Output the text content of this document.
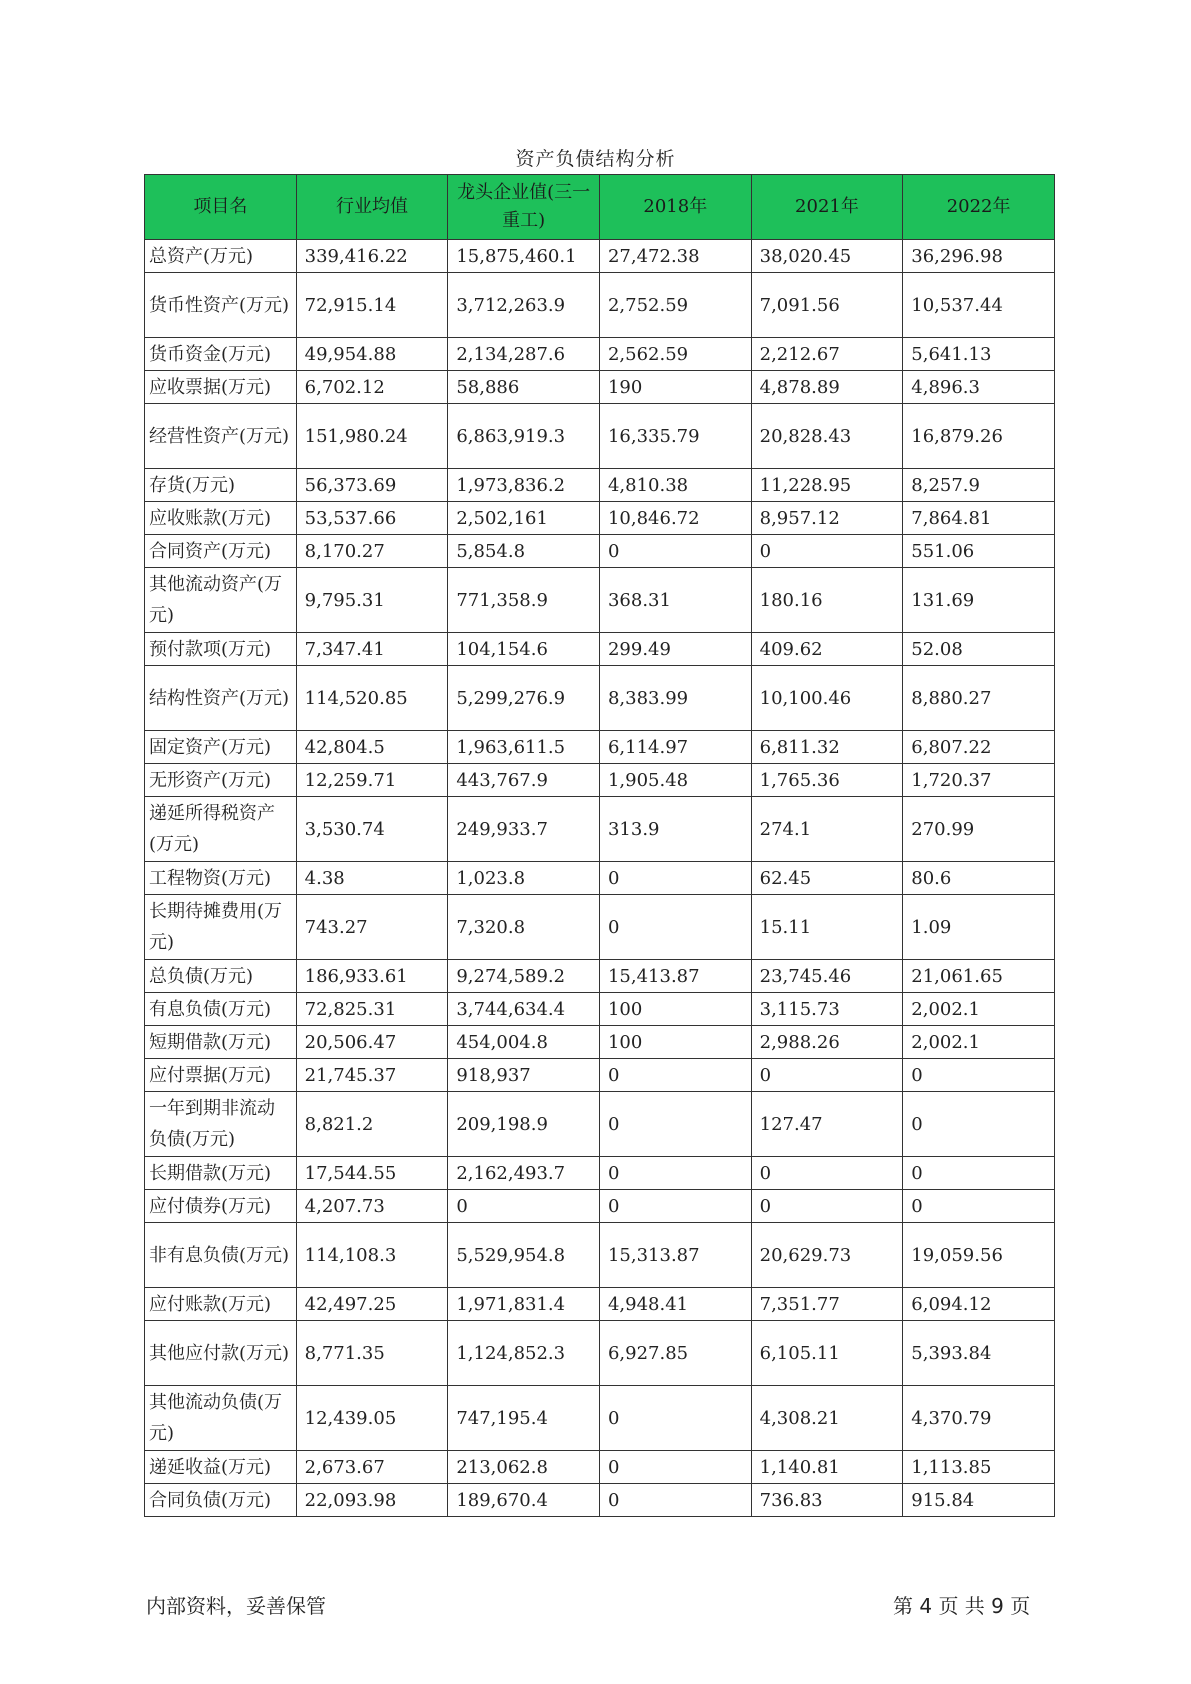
资产负债结构分析
项目名	行业均值	龙头企业值(三一重工)	2018年	2021年	2022年
总资产(万元)	339,416.22	15,875,460.1	27,472.38	38,020.45	36,296.98
货币性资产(万元)	72,915.14	3,712,263.9	2,752.59	7,091.56	10,537.44
货币资金(万元)	49,954.88	2,134,287.6	2,562.59	2,212.67	5,641.13
应收票据(万元)	6,702.12	58,886	190	4,878.89	4,896.3
经营性资产(万元)	151,980.24	6,863,919.3	16,335.79	20,828.43	16,879.26
存货(万元)	56,373.69	1,973,836.2	4,810.38	11,228.95	8,257.9
应收账款(万元)	53,537.66	2,502,161	10,846.72	8,957.12	7,864.81
合同资产(万元)	8,170.27	5,854.8	0	0	551.06
其他流动资产(万元)	9,795.31	771,358.9	368.31	180.16	131.69
预付款项(万元)	7,347.41	104,154.6	299.49	409.62	52.08
结构性资产(万元)	114,520.85	5,299,276.9	8,383.99	10,100.46	8,880.27
固定资产(万元)	42,804.5	1,963,611.5	6,114.97	6,811.32	6,807.22
无形资产(万元)	12,259.71	443,767.9	1,905.48	1,765.36	1,720.37
递延所得税资产(万元)	3,530.74	249,933.7	313.9	274.1	270.99
工程物资(万元)	4.38	1,023.8	0	62.45	80.6
长期待摊费用(万元)	743.27	7,320.8	0	15.11	1.09
总负债(万元)	186,933.61	9,274,589.2	15,413.87	23,745.46	21,061.65
有息负债(万元)	72,825.31	3,744,634.4	100	3,115.73	2,002.1
短期借款(万元)	20,506.47	454,004.8	100	2,988.26	2,002.1
应付票据(万元)	21,745.37	918,937	0	0	0
一年到期非流动负债(万元)	8,821.2	209,198.9	0	127.47	0
长期借款(万元)	17,544.55	2,162,493.7	0	0	0
应付债券(万元)	4,207.73	0	0	0	0
非有息负债(万元)	114,108.3	5,529,954.8	15,313.87	20,629.73	19,059.56
应付账款(万元)	42,497.25	1,971,831.4	4,948.41	7,351.77	6,094.12
其他应付款(万元)	8,771.35	1,124,852.3	6,927.85	6,105.11	5,393.84
其他流动负债(万元)	12,439.05	747,195.4	0	4,308.21	4,370.79
递延收益(万元)	2,673.67	213,062.8	0	1,140.81	1,113.85
合同负债(万元)	22,093.98	189,670.4	0	736.83	915.84
内部资料，妥善保管	第 4 页 共 9 页
